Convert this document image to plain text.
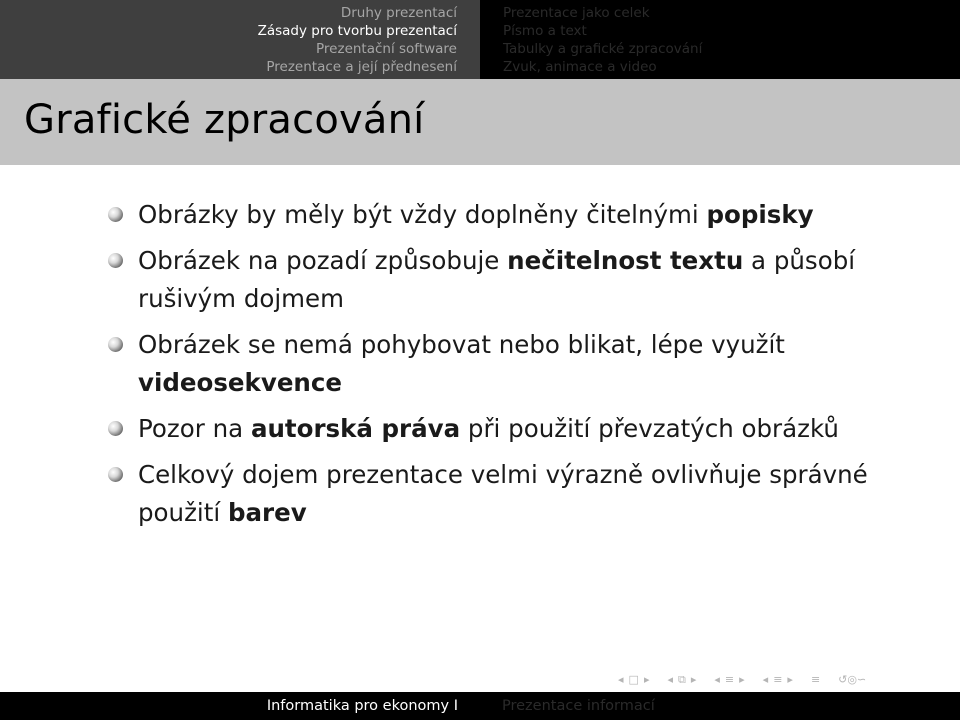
Druhy prezentací
Zásady pro tvorbu prezentací
Prezentační software
Prezentace a její přednesení
Prezentace jako celek
Písmo a text
Tabulky a grafické zpracování
Zvuk, animace a video
Grafické zpracování
Obrázky by měly být vždy doplněny čitelnými popisky
Obrázek na pozadí způsobuje nečitelnost textu a působí rušivým dojmem
Obrázek se nemá pohybovat nebo blikat, lépe využít videosekvence
Pozor na autorská práva při použití převzatých obrázků
Celkový dojem prezentace velmi výrazně ovlivňuje správné použití barev
◂ □ ▸ ◂ ⧉ ▸ ◂ ≡ ▸ ◂ ≡ ▸ ≡ ↺◎∽
Informatika pro ekonomy I	Prezentace informací
